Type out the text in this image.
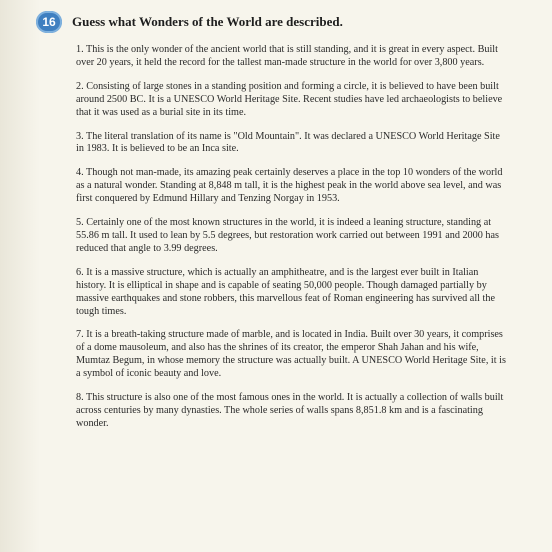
16	Guess what Wonders of the World are described.

1. This is the only wonder of the ancient world that is still standing, and it is great in every aspect. Built over 20 years, it held the record for the tallest man-made structure in the world for over 3,800 years.

2. Consisting of large stones in a standing position and forming a circle, it is believed to have been built around 2500 BC. It is a UNESCO World Heritage Site. Recent studies have led archaeologists to believe that it was used as a burial site in its time.

3. The literal translation of its name is "Old Mountain". It was declared a UNESCO World Heritage Site in 1983. It is believed to be an Inca site.

4. Though not man-made, its amazing peak certainly deserves a place in the top 10 wonders of the world as a natural wonder. Standing at 8,848 m tall, it is the highest peak in the world above sea level, and was first conquered by Edmund Hillary and Tenzing Norgay in 1953.

5. Certainly one of the most known structures in the world, it is indeed a leaning structure, standing at 55.86 m tall. It used to lean by 5.5 degrees, but restoration work carried out between 1991 and 2000 has reduced that angle to 3.99 degrees.

6. It is a massive structure, which is actually an amphitheatre, and is the largest ever built in Italian history. It is elliptical in shape and is capable of seating 50,000 people. Though damaged partially by massive earthquakes and stone robbers, this marvellous feat of Roman engineering has survived all the tough times.

7. It is a breath-taking structure made of marble, and is located in India. Built over 30 years, it comprises of a dome mausoleum, and also has the shrines of its creator, the emperor Shah Jahan and his wife, Mumtaz Begum, in whose memory the structure was actually built. A UNESCO World Heritage Site, it is a symbol of iconic beauty and love.

8. This structure is also one of the most famous ones in the world. It is actually a collection of walls built across centuries by many dynasties. The whole series of walls spans 8,851.8 km and is a fascinating wonder.
